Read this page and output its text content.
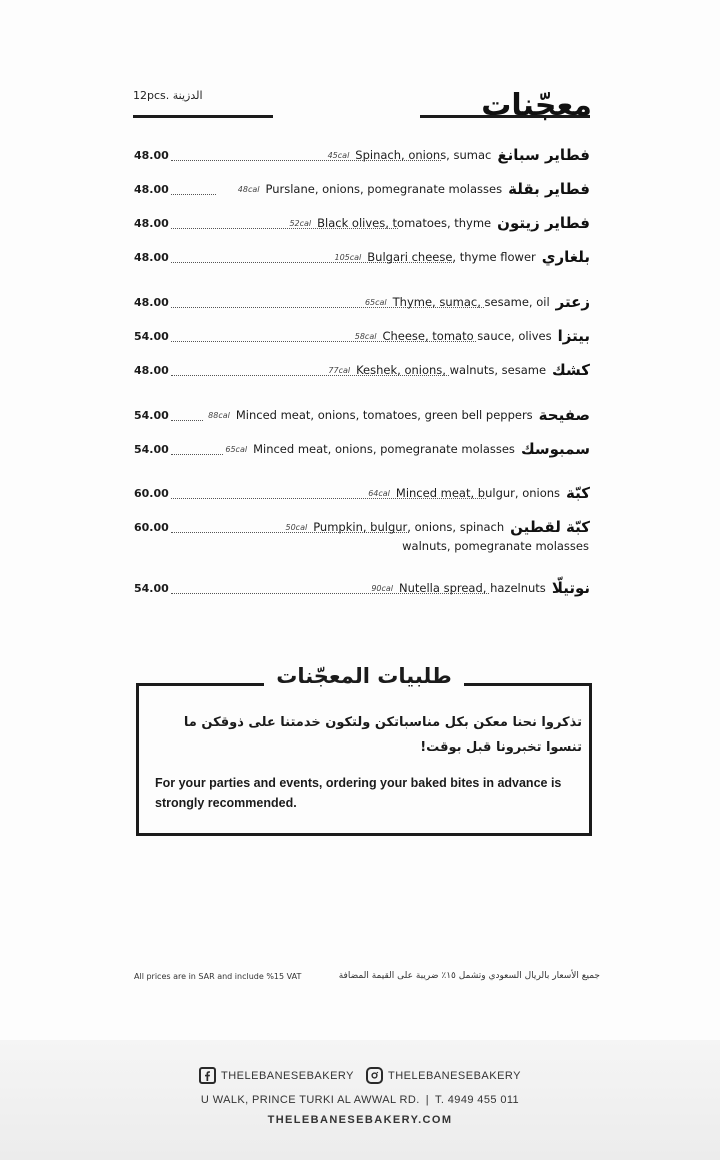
12pcs. الدزينة	معجّنات
48.00	45cal Spinach, onions, sumac فطاير سبانغ
48.00	48cal Purslane, onions, pomegranate molasses فطاير بقلة
48.00	52cal Black olives, tomatoes, thyme فطاير زيتون
48.00	105cal Bulgari cheese, thyme flower بلغاري
48.00	65cal Thyme, sumac, sesame, oil زعتر
54.00	58cal Cheese, tomato sauce, olives بيتزا
48.00	77cal Keshek, onions, walnuts, sesame كشك
54.00	88cal Minced meat, onions, tomatoes, green bell peppers صفيحة
54.00	65cal Minced meat, onions, pomegranate molasses سمبوسك
60.00	64cal Minced meat, bulgur, onions كبّة
60.00	50cal Pumpkin, bulgur, onions, spinach كبّة لقطين
walnuts, pomegranate molasses
54.00	90cal Nutella spread, hazelnuts نوتيلّا
طلبيات المعجّنات
تذكروا نحنا معكن بكل مناسباتكن ولتكون خدمتنا على ذوقكن ما
تنسوا تخبرونا قبل بوقت!
For your parties and events, ordering your baked bites in advance is strongly recommended.
All prices are in SAR and include %15 VAT	جميع الأسعار بالريال السعودي وتشمل ١٥٪ ضريبة على القيمة المضافة
THELEBANESEBAKERY	THELEBANESEBAKERY
U WALK, PRINCE TURKI AL AWWAL RD. | T. 4949 455 011
THELEBANESEBAKERY.COM
